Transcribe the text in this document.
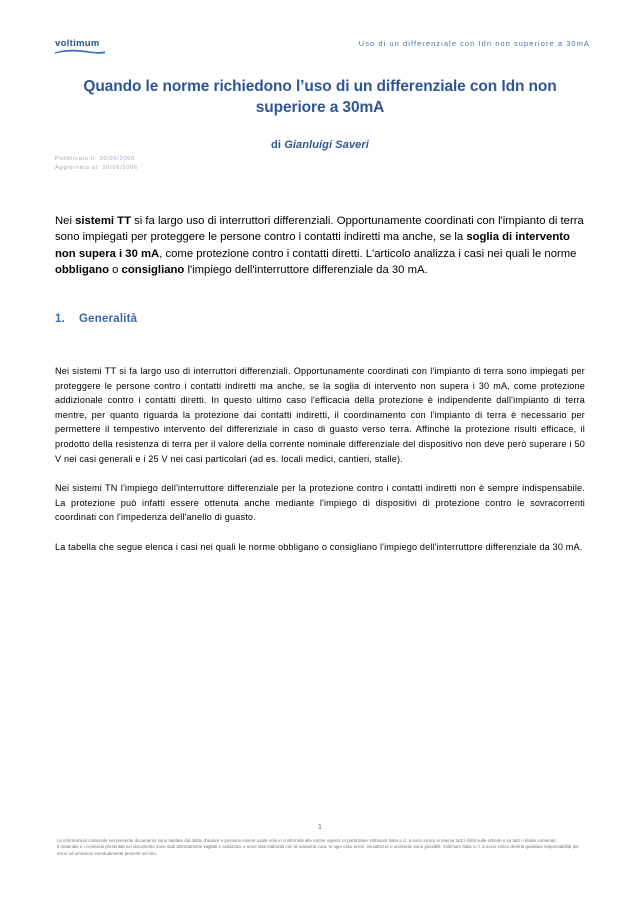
voltimum	Uso di un differenziale con Idn non superiore a 30mA
Quando le norme richiedono l’uso di un differenziale con Idn non superiore a 30mA
di Gianluigi Saveri
Pubblicato il: 30/06/2006
Aggiornato al: 30/06/2006
Nei sistemi TT si fa largo uso di interruttori differenziali. Opportunamente coordinati con l'impianto di terra sono impiegati per proteggere le persone contro i contatti indiretti ma anche, se la soglia di intervento non supera i 30 mA, come protezione contro i contatti diretti. L'articolo analizza i casi nei quali le norme obbligano o consigliano l'impiego dell'interruttore differenziale da 30 mA.
1. Generalità

Nei sistemi TT si fa largo uso di interruttori differenziali. Opportunamente coordinati con l'impianto di terra sono impiegati per proteggere le persone contro i contatti indiretti ma anche, se la soglia di intervento non supera i 30 mA, come protezione addizionale contro i contatti diretti. In questo ultimo caso l'efficacia della protezione è indipendente dall'impianto di terra mentre, per quanto riguarda la protezione dai contatti indiretti, il coordinamento con l'impianto di terra è necessario per permettere il tempestivo intervento del differenziale in caso di guasto verso terra. Affinché la protezione risulti efficace, il prodotto della resistenza di terra per il valore della corrente nominale differenziale del dispositivo non deve però superare i 50 V nei casi generali e i 25 V nei casi particolari (ad es. locali medici, cantieri, stalle).

Nei sistemi TN l'impiego dell'interruttore differenziale per la protezione contro i contatti indiretti non è sempre indispensabile. La protezione può infatti essere ottenuta anche mediante l'impiego di dispositivi di protezione contro le sovracorrenti coordinati con l'impedenza dell'anello di guasto.

La tabella che segue elenca i casi nei quali le norme obbligano o consigliano l'impiego dell'interruttore differenziale da 30 mA.

1

Le informazioni contenute nel presente documento sono tutelate dal diritto d'autore e possono essere usate solo in conformità alle norme vigenti. In particolare Voltimum Italia s.r.l. a socio Unico si riserva tutti i diritti sulle schede e su tutti i relativi contenuti.

Il materiale e i contenuti presentati nel documento sono stati attentamente vagliati e analizzati, e sono stati elaborati con la massima cura. In ogni caso errori, inesattezze e omissioni sono possibili. Voltimum Italia s.r.l. a socio Unico declina qualsiasi responsabilità per errori od omissioni eventualmente presenti nel sito.
